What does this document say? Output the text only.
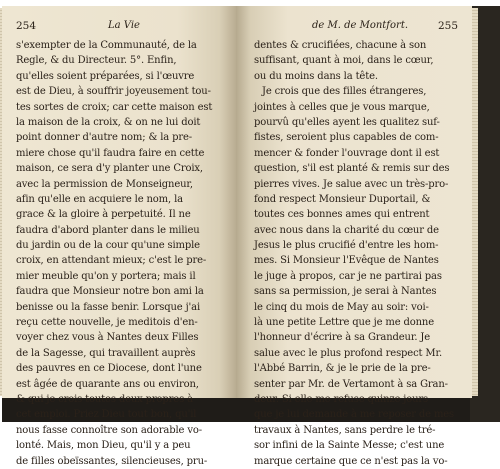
254	La Vie
s'exempter de la Communauté, de la
Regle, & du Directeur. 5°. Enfin,
qu'elles soient préparées, si l'œuvre
est de Dieu, à souffrir joyeusement tou-
tes sortes de croix; car cette maison est
la maison de la croix, & on ne lui doit
point donner d'autre nom; & la pre-
miere chose qu'il faudra faire en cette
maison, ce sera d'y planter une Croix,
avec la permission de Monseigneur,
afin qu'elle en acquiere le nom, la
grace & la gloire à perpetuité. Il ne
faudra d'abord planter dans le milieu
du jardin ou de la cour qu'une simple
croix, en attendant mieux; c'est le pre-
mier meuble qu'on y portera; mais il
faudra que Monsieur notre bon ami la
benisse ou la fasse benir. Lorsque j'ai
reçu cette nouvelle, je meditois d'en-
voyer chez vous à Nantes deux Filles
de la Sagesse, qui travaillent auprès
des pauvres en ce Diocese, dont l'une
est âgée de quarante ans ou environ,
& qui je crois toutes deux propres à
cet emploi. Priez Dieu tout bon, qu'il
nous fasse connoître son adorable vo-
lonté. Mais, mon Dieu, qu'il y a peu
de filles obeïssantes, silencieuses, pru-
de M. de Montfort.	255
dentes & crucifiées, chacune à son
suffisant, quant à moi, dans le cœur,
ou du moins dans la tête.
Je crois que des filles étrangeres,
jointes à celles que je vous marque,
pourvû qu'elles ayent les qualitez suf-
fistes, seroient plus capables de com-
mencer & fonder l'ouvrage dont il est
question, s'il est planté & remis sur des
pierres vives. Je salue avec un très-pro-
fond respect Monsieur Duportail, &
toutes ces bonnes ames qui entrent
avec nous dans la charité du cœur de
Jesus le plus crucifié d'entre les hom-
mes. Si Monsieur l'Evêque de Nantes
le juge à propos, car je ne partirai pas
sans sa permission, je serai à Nantes
le cinq du mois de May au soir: voi-
là une petite Lettre que je me donne
l'honneur d'écrire à sa Grandeur. Je
salue avec le plus profond respect Mr.
l'Abbé Barrin, & je le prie de la pre-
senter par Mr. de Vertamont à sa Gran-
deur. Si elle me refuse quinze jours
que je lui demande à me reposer de mes
travaux à Nantes, sans perdre le tré-
sor infini de la Sainte Messe; c'est une
marque certaine que ce n'est pas la vo-
